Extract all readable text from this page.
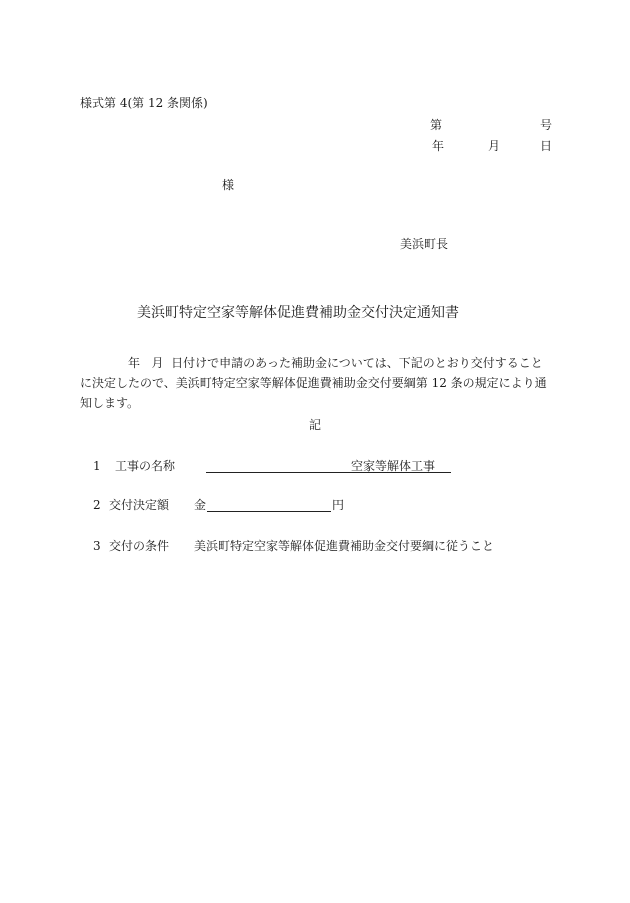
様式第 4(第 12 条関係)
第	号
年	月	日
様
美浜町長
美浜町特定空家等解体促進費補助金交付決定通知書
年 月 日付けで申請のあった補助金については、下記のとおり交付することに決定したので、美浜町特定空家等解体促進費補助金交付要綱第 12 条の規定により通知します。
記
1 工事の名称	空家等解体工事
2 交付決定額 金	円
3 交付の条件 美浜町特定空家等解体促進費補助金交付要綱に従うこと
